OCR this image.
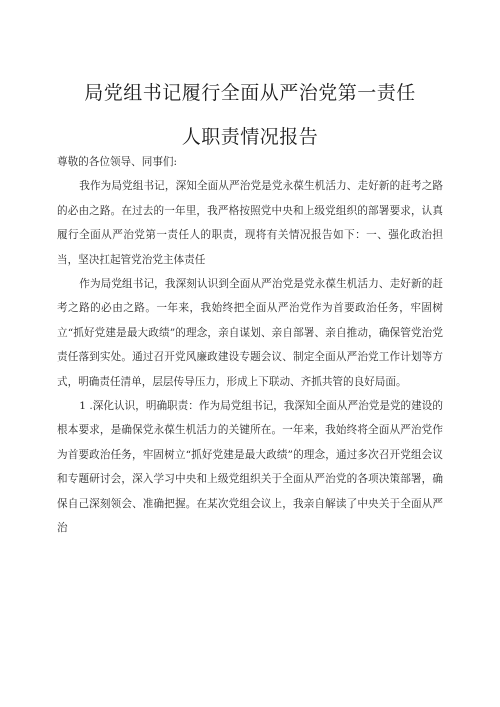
局党组书记履行全面从严治党第一责任
人职责情况报告

尊敬的各位领导、同事们:

我作为局党组书记，深知全面从严治党是党永葆生机活力、走好新的赶考之路的必由之路。在过去的一年里，我严格按照党中央和上级党组织的部署要求，认真履行全面从严治党第一责任人的职责，现将有关情况报告如下：一、强化政治担当，坚决扛起管党治党主体责任

作为局党组书记，我深刻认识到全面从严治党是党永葆生机活力、走好新的赶考之路的必由之路。一年来，我始终把全面从严治党作为首要政治任务，牢固树立“抓好党建是最大政绩”的理念，亲自谋划、亲自部署、亲自推动，确保管党治党责任落到实处。通过召开党风廉政建设专题会议、制定全面从严治党工作计划等方式，明确责任清单，层层传导压力，形成上下联动、齐抓共管的良好局面。

1 .深化认识，明确职责：作为局党组书记，我深知全面从严治党是党的建设的根本要求，是确保党永葆生机活力的关键所在。一年来，我始终将全面从严治党作为首要政治任务，牢固树立“抓好党建是最大政绩”的理念，通过多次召开党组会议和专题研讨会，深入学习中央和上级党组织关于全面从严治党的各项决策部署，确保自己深刻领会、准确把握。在某次党组会议上，我亲自解读了中央关于全面从严治
